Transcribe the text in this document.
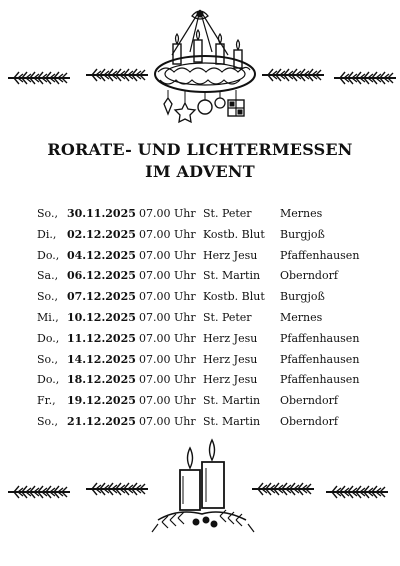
RORATE- UND LICHTERMESSEN
IM ADVENT
So.,	30.11.2025	07.00 Uhr	St. Peter	Mernes
Di.,	02.12.2025	07.00 Uhr	Kostb. Blut	Burgjoß
Do.,	04.12.2025	07.00 Uhr	Herz Jesu	Pfaffenhausen
Sa.,	06.12.2025	07.00 Uhr	St. Martin	Oberndorf
So.,	07.12.2025	07.00 Uhr	Kostb. Blut	Burgjoß
Mi.,	10.12.2025	07.00 Uhr	St. Peter	Mernes
Do.,	11.12.2025	07.00 Uhr	Herz Jesu	Pfaffenhausen
So.,	14.12.2025	07.00 Uhr	Herz Jesu	Pfaffenhausen
Do.,	18.12.2025	07.00 Uhr	Herz Jesu	Pfaffenhausen
Fr.,	19.12.2025	07.00 Uhr	St. Martin	Oberndorf
So.,	21.12.2025	07.00 Uhr	St. Martin	Oberndorf
